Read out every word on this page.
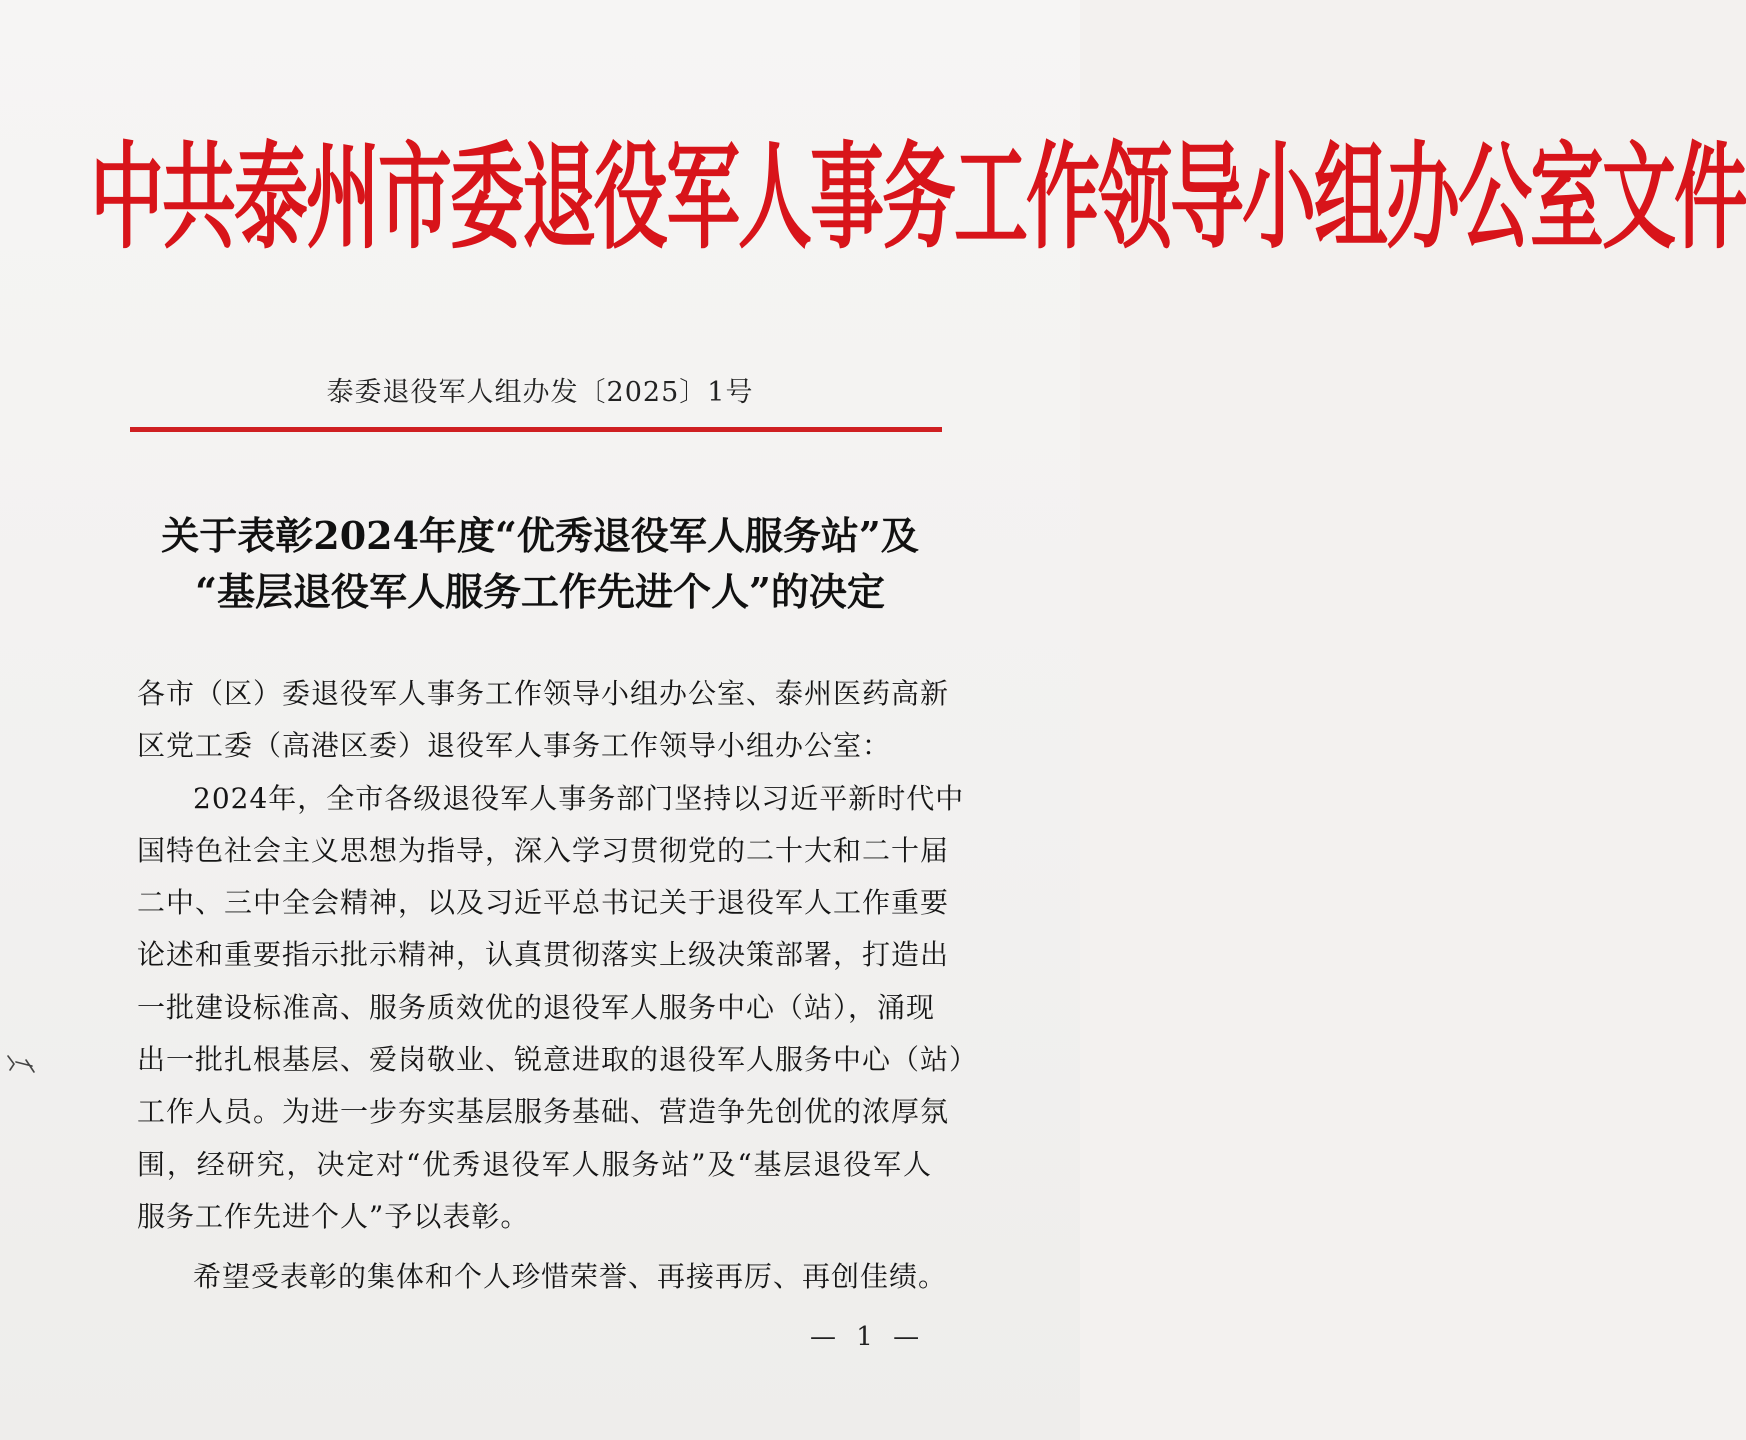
中共泰州市委退役军人事务工作领导小组办公室文件
泰委退役军人组办发〔2025〕1号
关于表彰2024年度“优秀退役军人服务站”及
“基层退役军人服务工作先进个人”的决定
各市（区）委退役军人事务工作领导小组办公室、泰州医药高新
区党工委（高港区委）退役军人事务工作领导小组办公室：
2024年，全市各级退役军人事务部门坚持以习近平新时代中
国特色社会主义思想为指导，深入学习贯彻党的二十大和二十届
二中、三中全会精神，以及习近平总书记关于退役军人工作重要
论述和重要指示批示精神，认真贯彻落实上级决策部署，打造出
一批建设标准高、服务质效优的退役军人服务中心（站），涌现
出一批扎根基层、爱岗敬业、锐意进取的退役军人服务中心（站）
工作人员。为进一步夯实基层服务基础、营造争先创优的浓厚氛
围，经研究，决定对“优秀退役军人服务站”及“基层退役军人
服务工作先进个人”予以表彰。
希望受表彰的集体和个人珍惜荣誉、再接再厉、再创佳绩。
— 1 —
